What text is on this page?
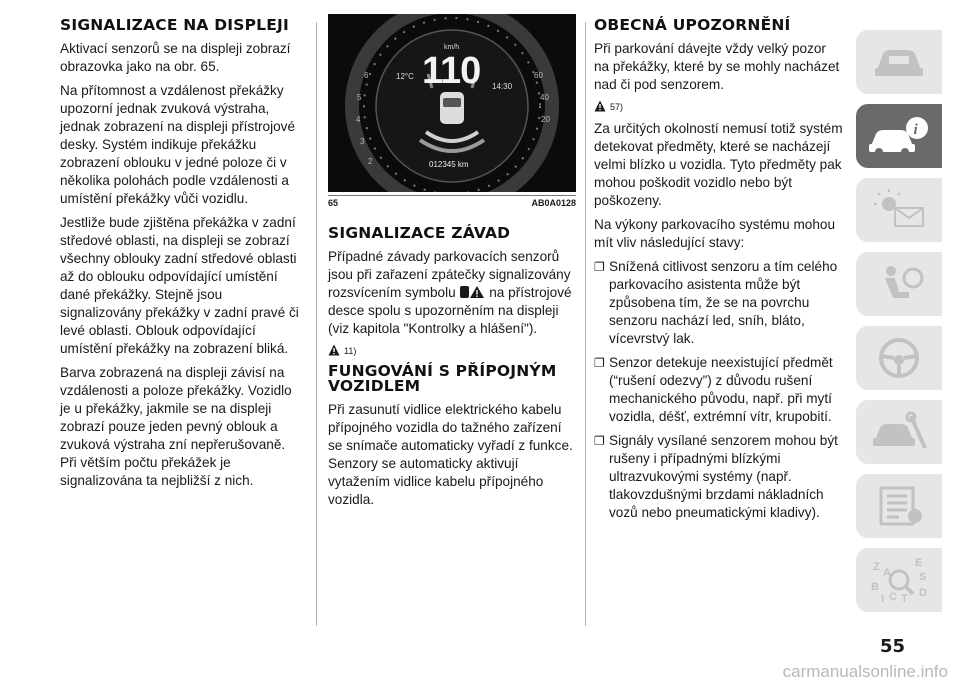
SIGNALIZACE NA DISPLEJI

Aktivací senzorů se na displeji zobrazí obrazovka jako na obr. 65.

Na přítomnost a vzdálenost překážky upozorní jednak zvuková výstraha, jednak zobrazení na displeji přístrojové desky. Systém indikuje překážku zobrazení oblouku v jedné poloze či v několika polohách podle vzdálenosti a umístění překážky vůči vozidlu.

Jestliže bude zjištěna překážka v zadní středové oblasti, na displeji se zobrazí všechny oblouky zadní středové oblasti až do oblouku odpovídající umístění dané překážky. Stejně jsou signalizovány překážky v zadní pravé či levé oblasti. Oblouk odpovídající umístění překážky na zobrazení bliká.

Barva zobrazená na displeji závisí na vzdálenosti a poloze překážky. Vozidlo je u překážky, jakmile se na displeji zobrazí pouze jeden pevný oblouk a zvuková výstraha zní nepřerušovaně. Při větším počtu překážek je signalizována ta nejbližší z nich.

6
5
4
3
2
60
40
20
km/h
110
12°C
14:30
012345 km
65	AB0A0128
SIGNALIZACE ZÁVAD

Případné závady parkovacích senzorů jsou při zařazení zpátečky signalizovány rozsvícením symbolu na přístrojové desce spolu s upozorněním na displeji (viz kapitola "Kontrolky a hlášení").

11)
FUNGOVÁNÍ S PŘÍPOJNÝM VOZIDLEM

Při zasunutí vidlice elektrického kabelu přípojného vozidla do tažného zařízení se snímače automaticky vyřadí z funkce. Senzory se automaticky aktivují vytažením vidlice kabelu přípojného vozidla.

OBECNÁ UPOZORNĚNÍ

Při parkování dávejte vždy velký pozor na překážky, které by se mohly nacházet nad či pod senzorem.

57)

Za určitých okolností nemusí totiž systém detekovat předměty, které se nacházejí velmi blízko u vozidla. Tyto předměty pak mohou poškodit vozidlo nebo být poškozeny.

Na výkony parkovacího systému mohou mít vliv následující stavy:

❐ Snížená citlivost senzoru a tím celého parkovacího asistenta může být způsobena tím, že se na povrchu senzoru nachází led, sníh, bláto, vícevrstvý lak.
❐ Senzor detekuje neexistující předmět (“rušení odezvy”) z důvodu rušení mechanického původu, např. při mytí vozidla, déšť, extrémní vítr, krupobití.
❐ Signály vysílané senzorem mohou být rušeny i případnými blízkými ultrazvukovými systémy (např. tlakovzdušnými brzdami nákladních vozů nebo pneumatickými kladivy).
i
Z	E
S
A
B	D
I C T
55
carmanualsonline.info
